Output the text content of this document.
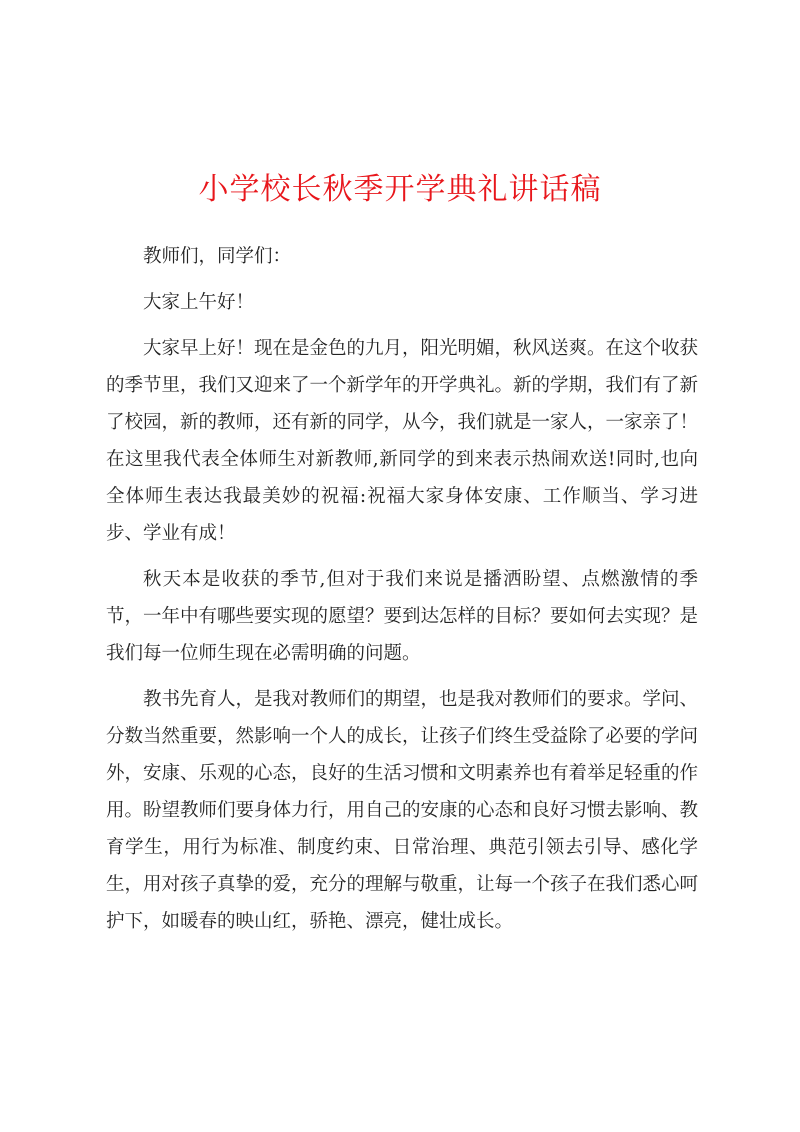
小学校长秋季开学典礼讲话稿

教师们，同学们：

大家上午好！

大家早上好！现在是金色的九月，阳光明媚，秋风送爽。在这个收获的季节里，我们又迎来了一个新学年的开学典礼。新的学期，我们有了新了校园，新的教师，还有新的同学，从今，我们就是一家人，一家亲了！在这里我代表全体师生对新教师,新同学的到来表示热闹欢送!同时,也向全体师生表达我最美妙的祝福:祝福大家身体安康、工作顺当、学习进步、学业有成！

秋天本是收获的季节,但对于我们来说是播洒盼望、点燃激情的季节，一年中有哪些要实现的愿望？要到达怎样的目标？要如何去实现？是我们每一位师生现在必需明确的问题。

教书先育人，是我对教师们的期望，也是我对教师们的要求。学问、分数当然重要，然影响一个人的成长，让孩子们终生受益除了必要的学问外，安康、乐观的心态，良好的生活习惯和文明素养也有着举足轻重的作用。盼望教师们要身体力行，用自己的安康的心态和良好习惯去影响、教育学生，用行为标准、制度约束、日常治理、典范引领去引导、感化学生，用对孩子真挚的爱，充分的理解与敬重，让每一个孩子在我们悉心呵护下，如暖春的映山红，骄艳、漂亮，健壮成长。
